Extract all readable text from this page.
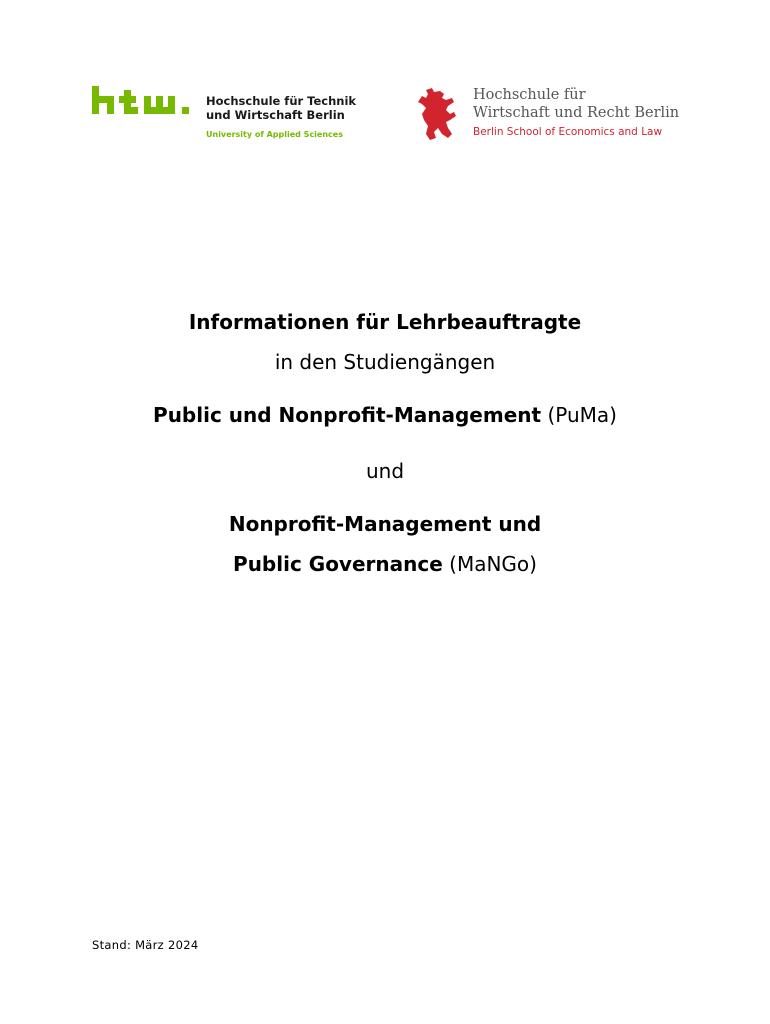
Hochschule für Technik
und Wirtschaft Berlin
University of Applied Sciences
Hochschule für
Wirtschaft und Recht Berlin
Berlin School of Economics and Law
Informationen für Lehrbeauftragte
in den Studiengängen
Public und Nonprofit-Management (PuMa)
und
Nonprofit-Management und
Public Governance (MaNGo)
Stand: März 2024
